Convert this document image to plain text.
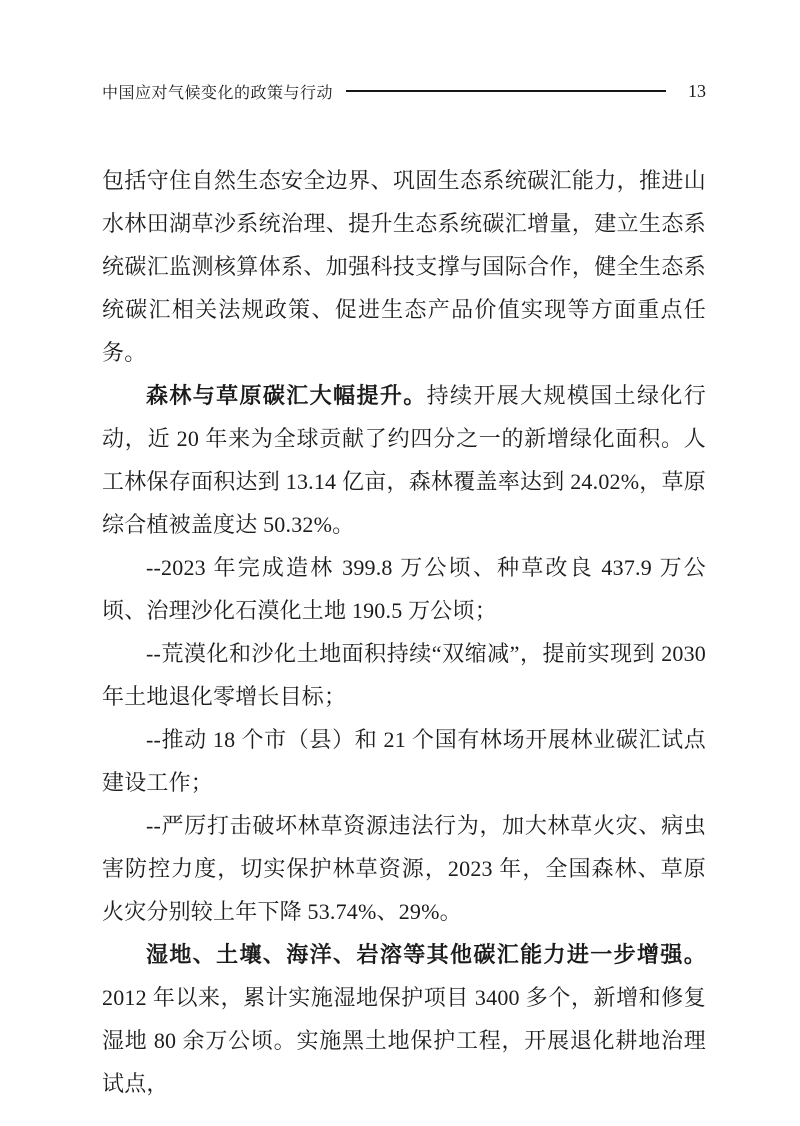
中国应对气候变化的政策与行动	13

包括守住自然生态安全边界、巩固生态系统碳汇能力，推进山水林田湖草沙系统治理、提升生态系统碳汇增量，建立生态系统碳汇监测核算体系、加强科技支撑与国际合作，健全生态系统碳汇相关法规政策、促进生态产品价值实现等方面重点任务。

森林与草原碳汇大幅提升。持续开展大规模国土绿化行动，近 20 年来为全球贡献了约四分之一的新增绿化面积。人工林保存面积达到 13.14 亿亩，森林覆盖率达到 24.02%，草原综合植被盖度达 50.32%。

--2023 年完成造林 399.8 万公顷、种草改良 437.9 万公顷、治理沙化石漠化土地 190.5 万公顷；

--荒漠化和沙化土地面积持续“双缩减”，提前实现到 2030 年土地退化零增长目标；

--推动 18 个市（县）和 21 个国有林场开展林业碳汇试点建设工作；

--严厉打击破坏林草资源违法行为，加大林草火灾、病虫害防控力度，切实保护林草资源，2023 年，全国森林、草原火灾分别较上年下降 53.74%、29%。

湿地、土壤、海洋、岩溶等其他碳汇能力进一步增强。2012 年以来，累计实施湿地保护项目 3400 多个，新增和修复湿地 80 余万公顷。实施黑土地保护工程，开展退化耕地治理试点，
